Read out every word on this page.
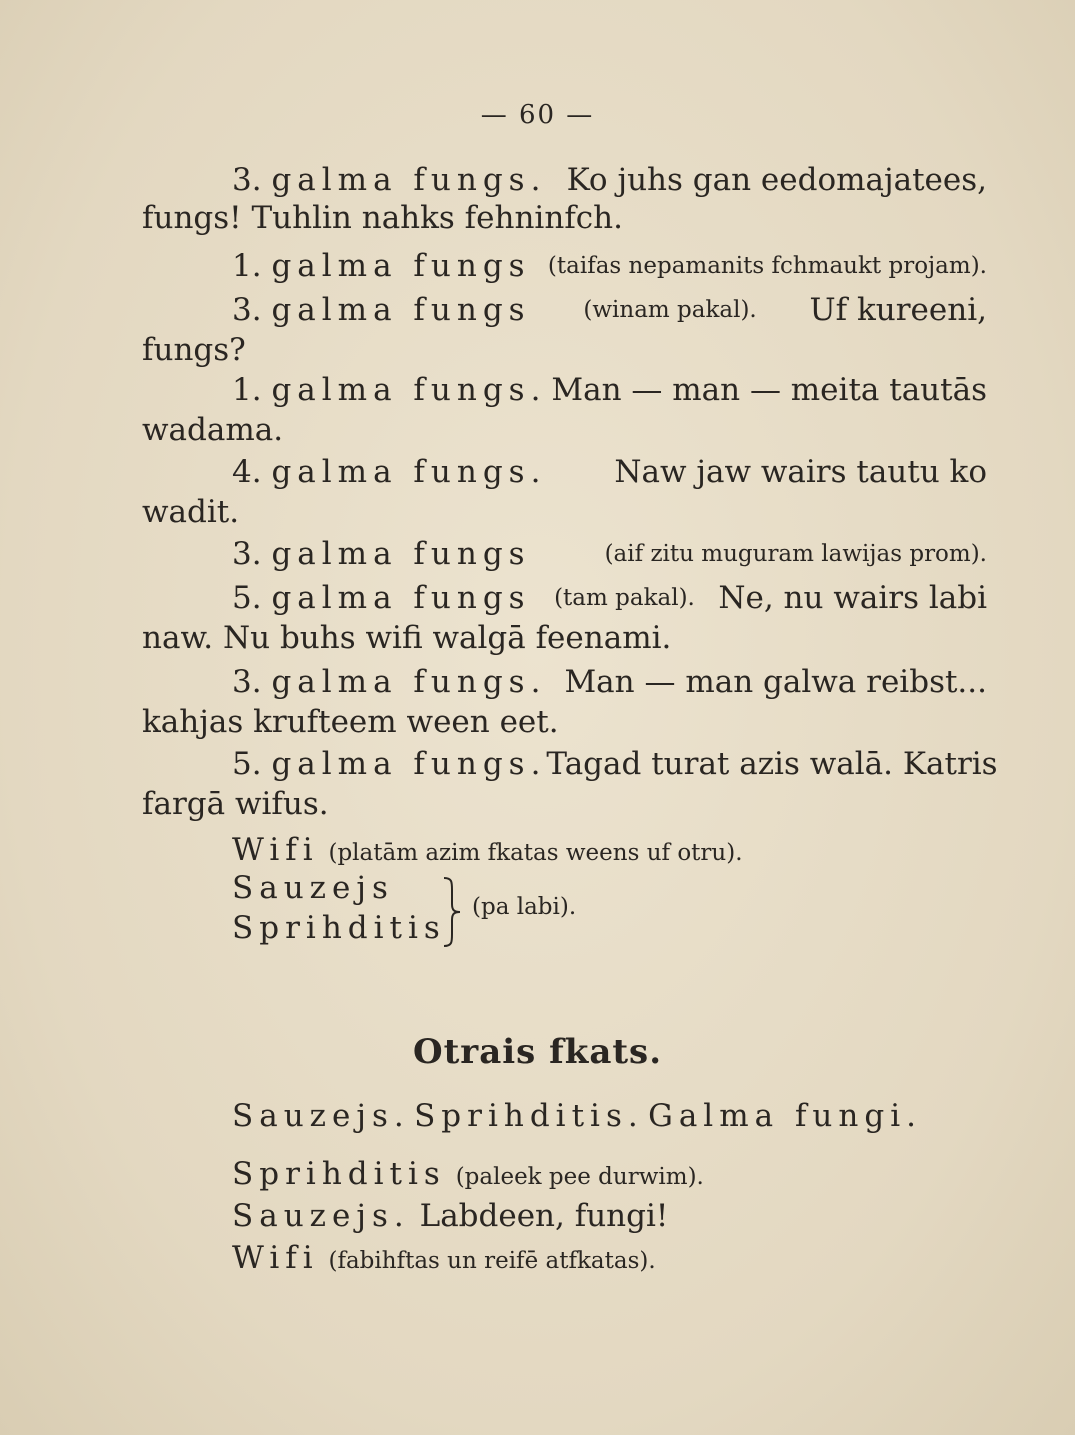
— 60 —
3. galma fungs. Ko juhs gan eedomajatees,
fungs! Tuhlin nahks fehninfch.
1. galma fungs (taifas nepamanits fchmaukt projam).
3. galma fungs (winam pakal). Uf kureeni,
fungs?
1. galma fungs. Man — man — meita tautās
wadama.
4. galma fungs. Naw jaw wairs tautu ko
wadit.
3. galma fungs	(aif zitu muguram lawijas prom).
5. galma fungs (tam pakal). Ne, nu wairs labi
naw. Nu buhs wifi walgā feenami.
3. galma fungs. Man — man galwa reibst...
kahjas krufteem ween eet.
5. galma fungs. Tagad turat azis walā. Katris
fargā wifus.
Wifi (platām azim fkatas weens uf otru).
Sauzejs
Sprihditis
(pa labi).
Otrais fkats.
Sauzejs. Sprihditis. Galma fungi.
Sprihditis (paleek pee durwim).
Sauzejs. Labdeen, fungi!
Wifi (fabihftas un reifē atfkatas).
